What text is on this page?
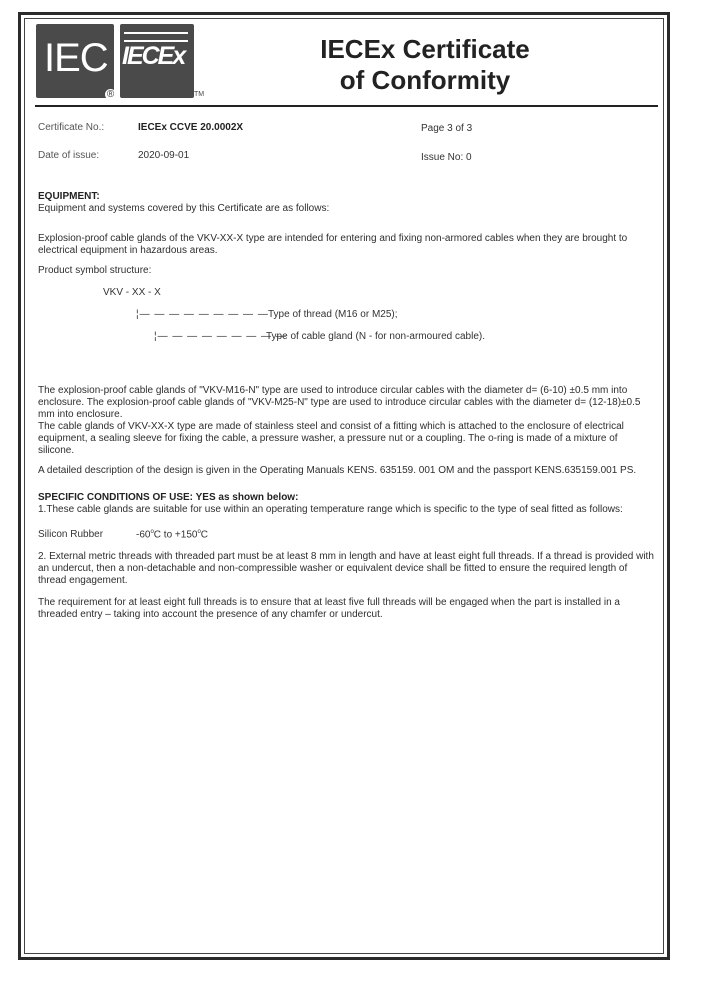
IEC
®
IECEx
TM
IECEx Certificate
of Conformity
Certificate No.:	IECEx CCVE 20.0002X	Page 3 of 3
Date of issue:	2020-09-01	Issue No: 0
EQUIPMENT:
Equipment and systems covered by this Certificate are as follows:
Explosion-proof cable glands of the VKV-XX-X type are intended for entering and fixing non-armored cables when they are brought to electrical equipment in hazardous areas.
Product symbol structure:
VKV - XX - X
¦— — — — — — — — — Type of thread (M16 or M25);
¦— — — — — — — — —
Type of cable gland (N - for non-armoured cable).
The explosion-proof cable glands of "VKV-M16-N" type are used to introduce circular cables with the diameter d= (6-10) ±0.5 mm into enclosure. The explosion-proof cable glands of "VKV-M25-N" type are used to introduce circular cables with the diameter d= (12-18)±0.5 mm into enclosure.
The cable glands of VKV-XX-X type are made of stainless steel and consist of a fitting which is attached to the enclosure of electrical equipment, a sealing sleeve for fixing the cable, a pressure washer, a pressure nut or a coupling. The o-ring is made of a mixture of silicone.
A detailed description of the design is given in the Operating Manuals KENS. 635159. 001 OM and the passport KENS.635159.001 PS.
SPECIFIC CONDITIONS OF USE: YES as shown below:
1.These cable glands are suitable for use within an operating temperature range which is specific to the type of seal fitted as follows:
Silicon Rubber	-60$^o$C to $+150^oC$
2. External metric threads with threaded part must be at least 8 mm in length and have at least eight full threads. If a thread is provided with an undercut, then a non-detachable and non-compressible washer or equivalent device shall be fitted to ensure the required length of thread engagement.
The requirement for at least eight full threads is to ensure that at least five full threads will be engaged when the part is installed in a threaded entry – taking into account the presence of any chamfer or undercut.
